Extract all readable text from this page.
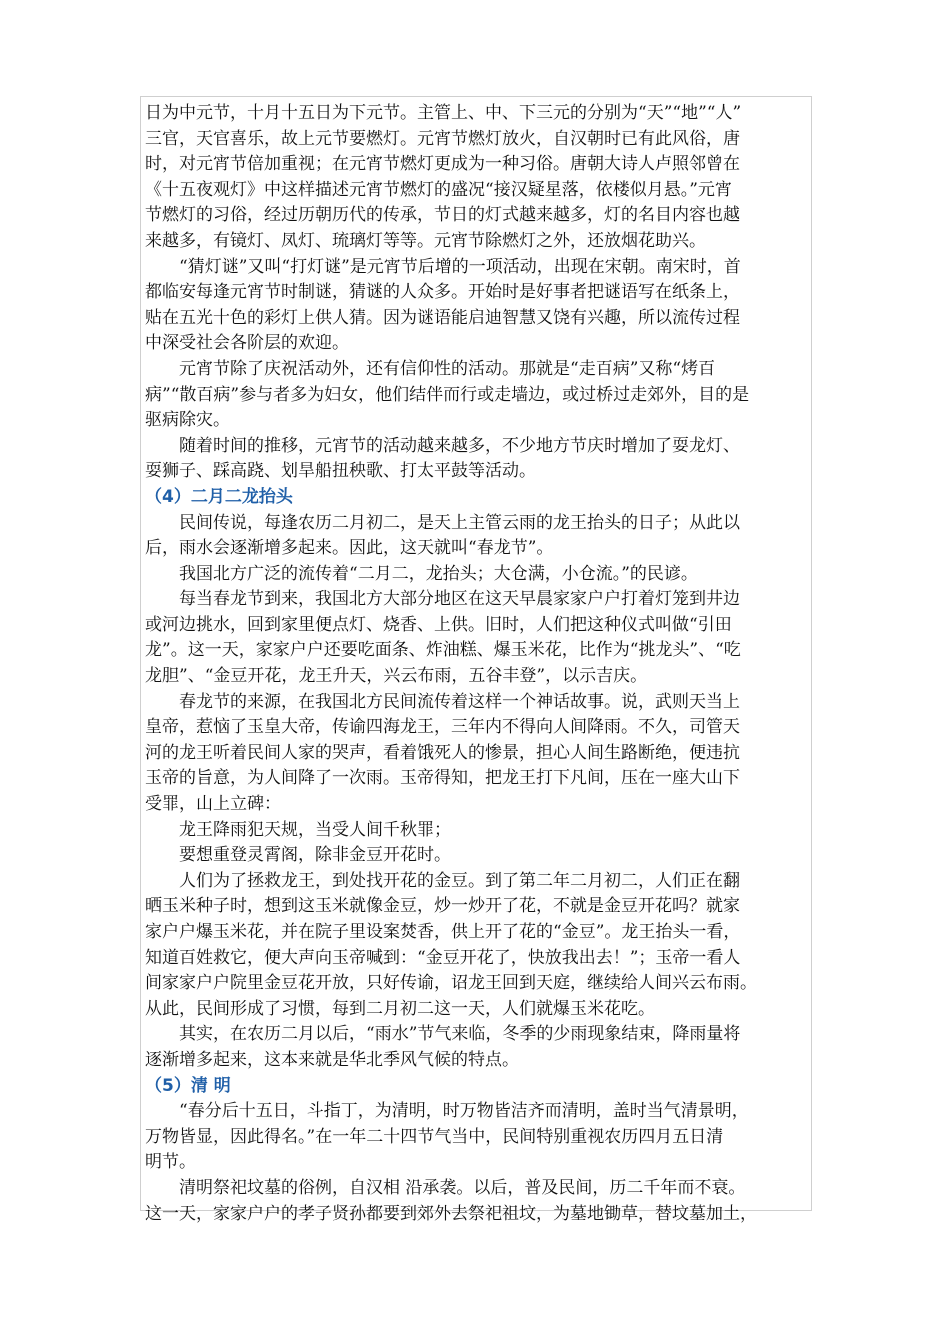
日为中元节，十月十五日为下元节。主管上、中、下三元的分别为“天”“地”“人”
三官，天官喜乐，故上元节要燃灯。元宵节燃灯放火，自汉朝时已有此风俗，唐
时，对元宵节倍加重视；在元宵节燃灯更成为一种习俗。唐朝大诗人卢照邻曾在
《十五夜观灯》中这样描述元宵节燃灯的盛况“接汉疑星落，依楼似月悬。”元宵
节燃灯的习俗，经过历朝历代的传承，节日的灯式越来越多，灯的名目内容也越
来越多，有镜灯、凤灯、琉璃灯等等。元宵节除燃灯之外，还放烟花助兴。
“猜灯谜”又叫“打灯谜”是元宵节后增的一项活动，出现在宋朝。南宋时，首
都临安每逢元宵节时制谜，猜谜的人众多。开始时是好事者把谜语写在纸条上，
贴在五光十色的彩灯上供人猜。因为谜语能启迪智慧又饶有兴趣，所以流传过程
中深受社会各阶层的欢迎。
元宵节除了庆祝活动外，还有信仰性的活动。那就是“走百病”又称“烤百
病”“散百病”参与者多为妇女，他们结伴而行或走墙边，或过桥过走郊外，目的是
驱病除灾。
随着时间的推移，元宵节的活动越来越多，不少地方节庆时增加了耍龙灯、
耍狮子、踩高跷、划旱船扭秧歌、打太平鼓等活动。
（4）二月二龙抬头
民间传说，每逢农历二月初二，是天上主管云雨的龙王抬头的日子；从此以
后，雨水会逐渐增多起来。因此，这天就叫“春龙节”。
我国北方广泛的流传着“二月二，龙抬头；大仓满，小仓流。”的民谚。
每当春龙节到来，我国北方大部分地区在这天早晨家家户户打着灯笼到井边
或河边挑水，回到家里便点灯、烧香、上供。旧时，人们把这种仪式叫做“引田
龙”。这一天，家家户户还要吃面条、炸油糕、爆玉米花，比作为“挑龙头”、“吃
龙胆”、“金豆开花，龙王升天，兴云布雨，五谷丰登”，以示吉庆。
春龙节的来源，在我国北方民间流传着这样一个神话故事。说，武则天当上
皇帝，惹恼了玉皇大帝，传谕四海龙王，三年内不得向人间降雨。不久，司管天
河的龙王听着民间人家的哭声，看着饿死人的惨景，担心人间生路断绝，便违抗
玉帝的旨意，为人间降了一次雨。玉帝得知，把龙王打下凡间，压在一座大山下
受罪，山上立碑：
龙王降雨犯天规，当受人间千秋罪；
要想重登灵霄阁，除非金豆开花时。
人们为了拯救龙王，到处找开花的金豆。到了第二年二月初二，人们正在翻
晒玉米种子时，想到这玉米就像金豆，炒一炒开了花，不就是金豆开花吗？就家
家户户爆玉米花，并在院子里设案焚香，供上开了花的“金豆”。龙王抬头一看，
知道百姓救它，便大声向玉帝喊到：“金豆开花了，快放我出去！”；玉帝一看人
间家家户户院里金豆花开放，只好传谕，诏龙王回到天庭，继续给人间兴云布雨。
从此，民间形成了习惯，每到二月初二这一天，人们就爆玉米花吃。
其实，在农历二月以后，“雨水”节气来临，冬季的少雨现象结束，降雨量将
逐渐增多起来，这本来就是华北季风气候的特点。
（5）清 明
“春分后十五日，斗指丁，为清明，时万物皆洁齐而清明，盖时当气清景明，
万物皆显，因此得名。”在一年二十四节气当中，民间特别重视农历四月五日清
明节。
清明祭祀坟墓的俗例，自汉相 沿承袭。以后，普及民间，历二千年而不衰。
这一天，家家户户的孝子贤孙都要到郊外去祭祀祖坟，为墓地锄草，替坟墓加土，
